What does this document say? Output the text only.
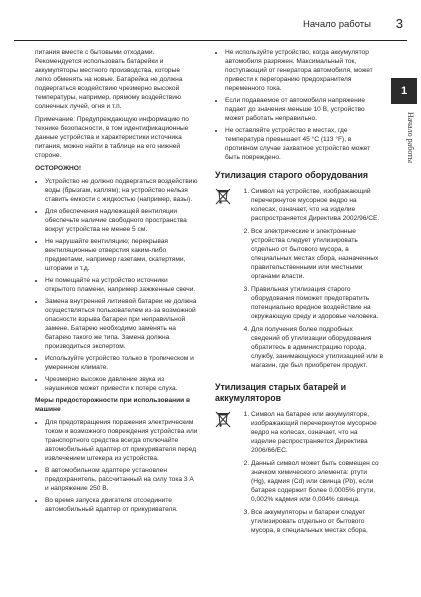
Начало работы 3
1
Начало работы

питания вместе с бытовыми отходами. Рекомендуется использовать батарейки и аккумуляторы местного производства, которые легко обменять на новые. Батарейка не должна подвергаться воздействию чрезмерно высокой температуры, например, прямому воздействию солнечных лучей, огня и т.п.

Примечание: Предупреждающую информацию по технике безопасности, в том идентификационные данные устройства и характеристики источника питания, можно найти в таблице на его нижней стороне.

ОСТОРОЖНО!

• Устройство не должно подвергаться воздействию воды (брызгам, каплям); на устройство нельзя ставить емкости с жидкостью (например, вазы).
• Для обеспечения надлежащей вентиляции обеспечьте наличие свободного пространства вокруг устройства не менее 5 см.
• Не нарушайте вентиляцию; перекрывая вентиляционные отверстия каким-либо предметами, например газетами, скатертями, шторами и т.д.
• Не помещайте на устройство источники открытого пламени, например зажженные свечи.
• Замена внутренней литиевой батареи не должна осуществляться пользователем из-за возможной опасности взрыва батареи при неправильной замене. Батарею необходимо заменять на батарею такого же типа. Замена должна производиться экспертом.
• Используйте устройство только в тропическом и умеренном климате.
• Чрезмерно высокое давление звука из наушников может привести к потере слуха.

Меры предосторожности при использовании в машине

• Для предотвращения поражения электрическим током и возможного повреждения устройства или транспортного средства всегда отключайте автомобильный адаптер от прикуривателя перед извлечением штекера из устройства.
• В автомобильном адаптере установлен предохранитель, рассчитанный на силу тока 3 А и напряжение 250 В.
• Во время запуска двигателя отсоедините автомобильный адаптер от прикуривателя.
• Не используйте устройство, когда аккумулятор автомобиля разряжен. Максимальный ток, поступающий от генератора автомобиля, может привести к перегоранию предохранителя переменного тока.
• Если подаваемое от автомобиля напряжение падает до значения меньше 10 В, устройство может работать неправильно.
• Не оставляйте устройство в местах, где температура превышает 45 °C (113 °F), в противном случае захватное устройство может быть повреждено.
Утилизация старого оборудования
1. Символ на устройстве, изображающий перечеркнутое мусорное ведро на колесах, означает, что на изделие распространяется Директива 2002/96/CE.
2. Все электрические и электронные устройства следует утилизировать отдельно от бытового мусора, в специальных местах сбора, назначенных правительственными или местными органами власти.
3. Правильная утилизация старого оборудования поможет предотвратить потенциально вредное воздействие на окружающую среду и здоровье человека.
4. Для получения более подробных сведений об утилизации оборудования обратитесь в администрацию города, службу, занимающуюся утилизацией или в магазин, где был приобретен продукт.
Утилизация старых батарей и аккумуляторов
1. Символ на батарее или аккумуляторе, изображающий перечеркнутое мусорное ведро на колесах, означает, что на изделие распространяется Директива 2006/66/EC.
2. Данный символ может быть совмещен со значком химического элемента: ртути (Hg), кадмия (Cd) или свинца (Pb), если батарея содержит более 0,0005% ртути, 0,002% кадмия или 0,004% свинца.
3. Все аккумуляторы и батареи следует утилизировать отдельно от бытового мусора, в специальных местах сбора,
